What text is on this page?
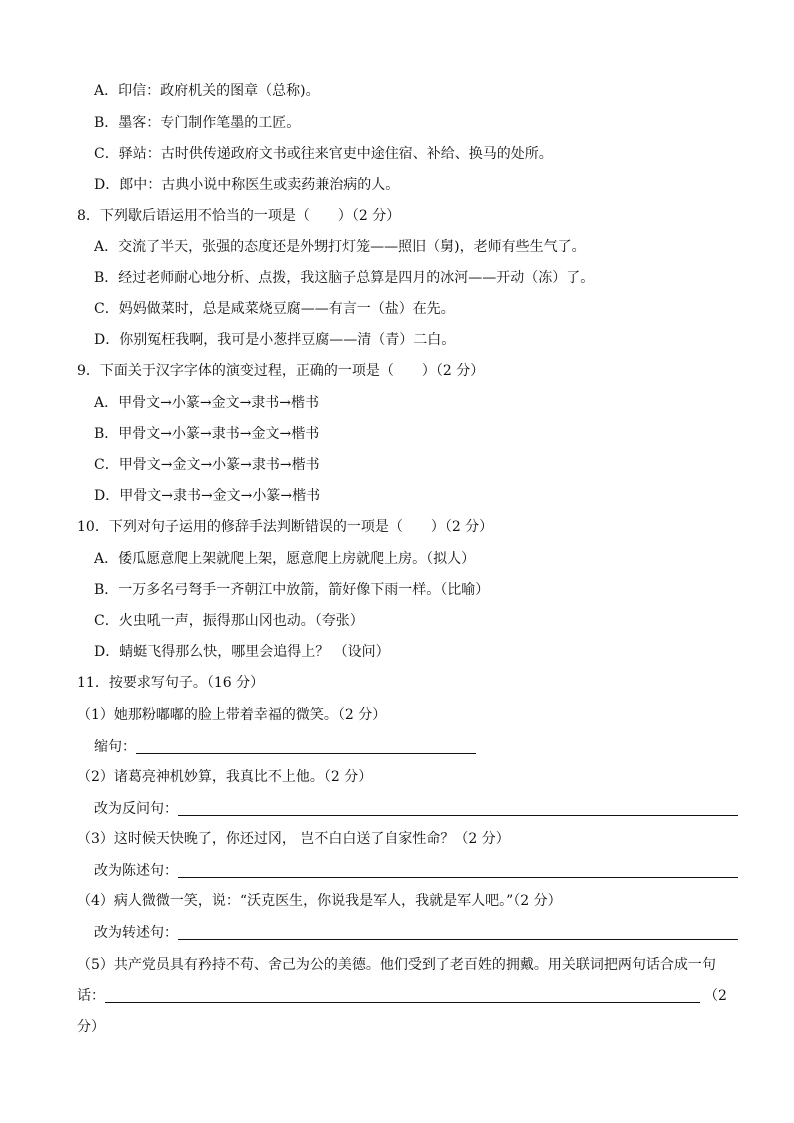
A．印信：政府机关的图章（总称)。
B．墨客：专门制作笔墨的工匠。
C．驿站：古时供传递政府文书或往来官吏中途住宿、补给、换马的处所。
D．郎中：古典小说中称医生或卖药兼治病的人。
8．下列歇后语运用不恰当的一项是（　　）（2 分）
A．交流了半天，张强的态度还是外甥打灯笼——照旧（舅)，老师有些生气了。
B．经过老师耐心地分析、点拨，我这脑子总算是四月的冰河——开动（冻）了。
C．妈妈做菜时，总是咸菜烧豆腐——有言一（盐）在先。
D．你别冤枉我啊，我可是小葱拌豆腐——清（青）二白。
9．下面关于汉字字体的演变过程，正确的一项是（　　）（2 分）
A．甲骨文→小篆→金文→隶书→楷书
B．甲骨文→小篆→隶书→金文→楷书
C．甲骨文→金文→小篆→隶书→楷书
D．甲骨文→隶书→金文→小篆→楷书
10．下列对句子运用的修辞手法判断错误的一项是（　　）（2 分）
A．倭瓜愿意爬上架就爬上架，愿意爬上房就爬上房。（拟人）
B．一万多名弓弩手一齐朝江中放箭，箭好像下雨一样。（比喻）
C．火虫吼一声，振得那山冈也动。（夸张）
D．蜻蜓飞得那么快，哪里会追得上？ （设问）
11．按要求写句子。（16 分）
（1）她那粉嘟嘟的脸上带着幸福的微笑。（2 分）
缩句：
（2）诸葛亮神机妙算，我真比不上他。（2 分）
改为反问句：
（3）这时候天快晚了，你还过冈， 岂不白白送了自家性命？（2 分）
改为陈述句：
（4）病人微微一笑，说：“沃克医生，你说我是军人，我就是军人吧。”（2 分）
改为转述句：
（5）共产党员具有矜持不苟、舍己为公的美德。他们受到了老百姓的拥戴。用关联词把两句话合成一句
话：	（2
分）
